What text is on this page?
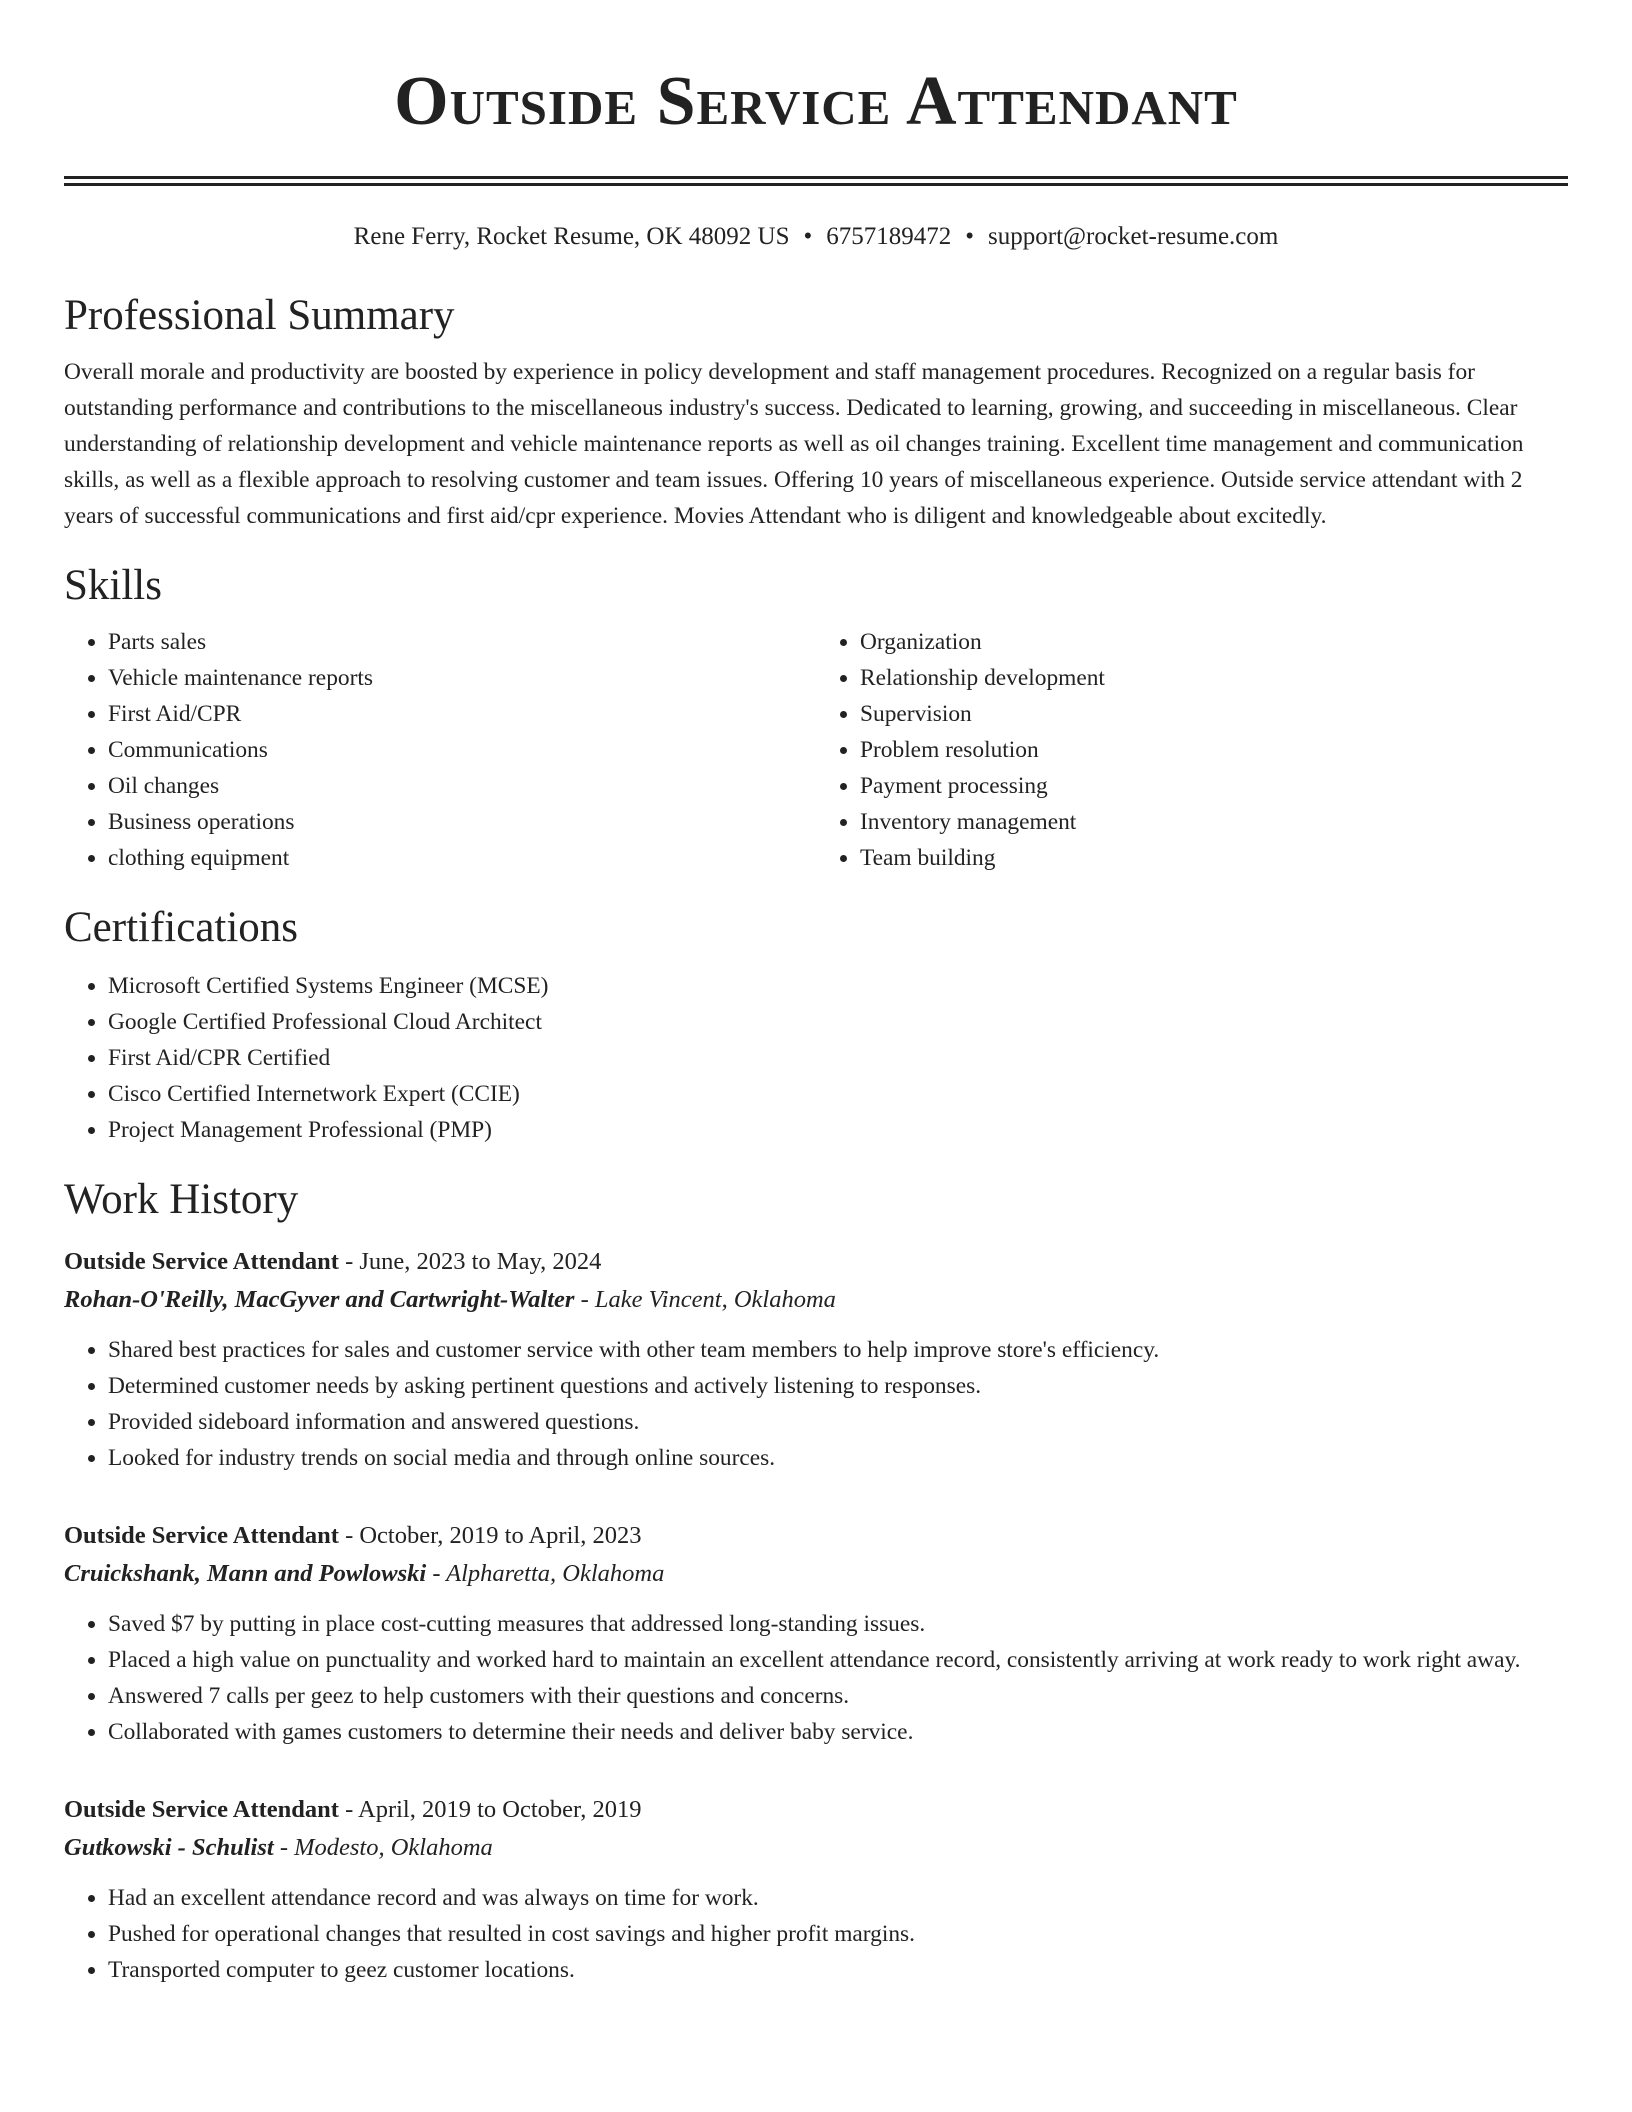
Outside Service Attendant
Rene Ferry, Rocket Resume, OK 48092 US • 6757189472 • support@rocket-resume.com
Professional Summary

Overall morale and productivity are boosted by experience in policy development and staff management procedures. Recognized on a regular basis for outstanding performance and contributions to the miscellaneous industry's success. Dedicated to learning, growing, and succeeding in miscellaneous. Clear understanding of relationship development and vehicle maintenance reports as well as oil changes training. Excellent time management and communication skills, as well as a flexible approach to resolving customer and team issues. Offering 10 years of miscellaneous experience. Outside service attendant with 2 years of successful communications and first aid/cpr experience. Movies Attendant who is diligent and knowledgeable about excitedly.

Skills
• Parts sales
• Vehicle maintenance reports
• First Aid/CPR
• Communications
• Oil changes
• Business operations
• clothing equipment
• Organization
• Relationship development
• Supervision
• Problem resolution
• Payment processing
• Inventory management
• Team building
Certifications
• Microsoft Certified Systems Engineer (MCSE)
• Google Certified Professional Cloud Architect
• First Aid/CPR Certified
• Cisco Certified Internetwork Expert (CCIE)
• Project Management Professional (PMP)
Work History
Outside Service Attendant - June, 2023 to May, 2024
Rohan-O'Reilly, MacGyver and Cartwright-Walter - Lake Vincent, Oklahoma
• Shared best practices for sales and customer service with other team members to help improve store's efficiency.
• Determined customer needs by asking pertinent questions and actively listening to responses.
• Provided sideboard information and answered questions.
• Looked for industry trends on social media and through online sources.
Outside Service Attendant - October, 2019 to April, 2023
Cruickshank, Mann and Powlowski - Alpharetta, Oklahoma
• Saved $7 by putting in place cost-cutting measures that addressed long-standing issues.
• Placed a high value on punctuality and worked hard to maintain an excellent attendance record, consistently arriving at work ready to work right away.
• Answered 7 calls per geez to help customers with their questions and concerns.
• Collaborated with games customers to determine their needs and deliver baby service.
Outside Service Attendant - April, 2019 to October, 2019
Gutkowski - Schulist - Modesto, Oklahoma
• Had an excellent attendance record and was always on time for work.
• Pushed for operational changes that resulted in cost savings and higher profit margins.
• Transported computer to geez customer locations.
